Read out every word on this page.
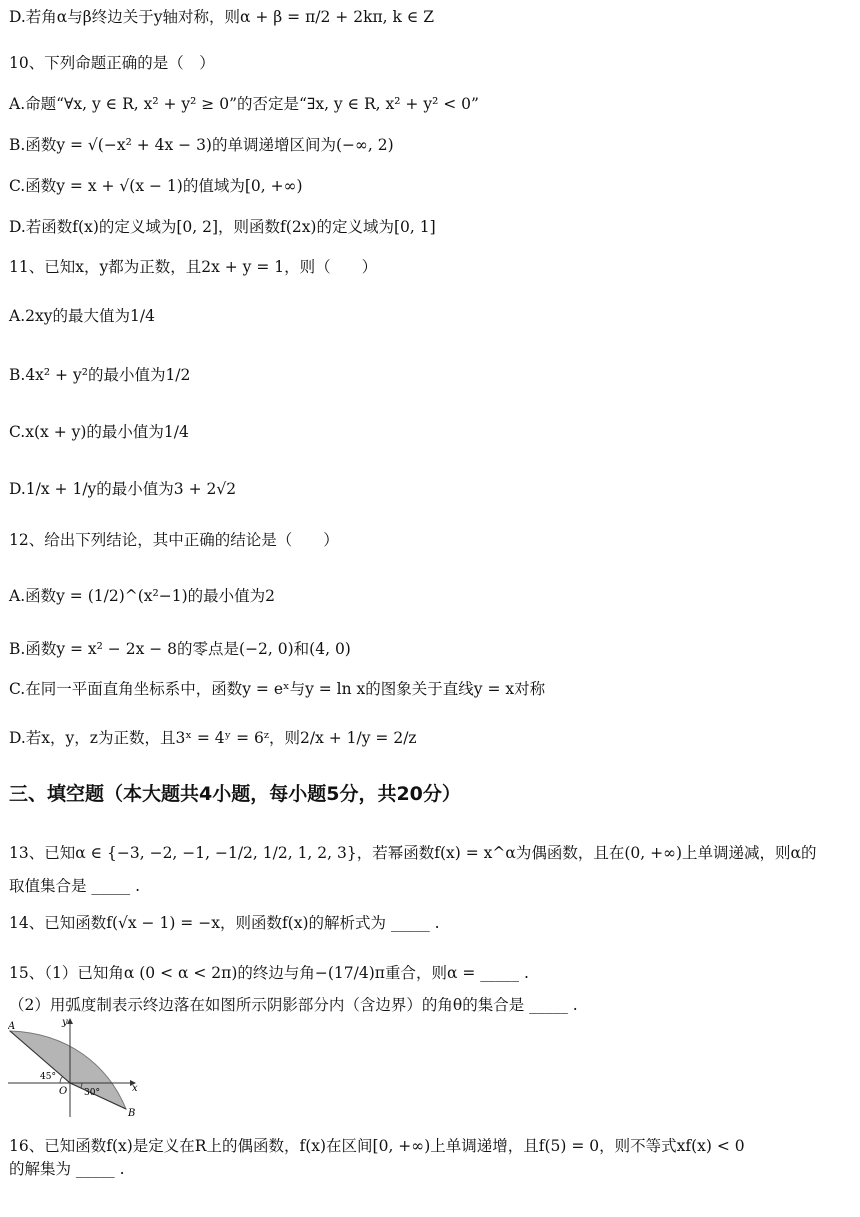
D.若角α与β终边关于y轴对称，则α + β = π/2 + 2kπ, k ∈ Z
10、下列命题正确的是（　）
A.命题“∀x, y ∈ R, x² + y² ≥ 0”的否定是“∃x, y ∈ R, x² + y² < 0”
B.函数y = √(−x² + 4x − 3)的单调递增区间为(−∞, 2)
C.函数y = x + √(x − 1)的值域为[0, +∞)
D.若函数f(x)的定义域为[0, 2]，则函数f(2x)的定义域为[0, 1]
11、已知x，y都为正数，且2x + y = 1，则（　　）
A.2xy的最大值为1/4
B.4x² + y²的最小值为1/2
C.x(x + y)的最小值为1/4
D.1/x + 1/y的最小值为3 + 2√2
12、给出下列结论，其中正确的结论是（　　）
A.函数y = (1/2)^(x²−1)的最小值为2
B.函数y = x² − 2x − 8的零点是(−2, 0)和(4, 0)
C.在同一平面直角坐标系中，函数y = eˣ与y = ln x的图象关于直线y = x对称
D.若x，y，z为正数，且3ˣ = 4ʸ = 6ᶻ，则2/x + 1/y = 2/z
13、已知α ∈ {−3, −2, −1, −1/2, 1/2, 1, 2, 3}，若幂函数f(x) = x^α为偶函数，且在(0, +∞)上单调递减，则α的
取值集合是 _____ .
14、已知函数f(√x − 1) = −x，则函数f(x)的解析式为 _____ .
15、（1）已知角α (0 < α < 2π)的终边与角−(17/4)π重合，则α = _____ .
（2）用弧度制表示终边落在如图所示阴影部分内（含边界）的角θ的集合是 _____ .
16、已知函数f(x)是定义在R上的偶函数，f(x)在区间[0, +∞)上单调递增，且f(5) = 0，则不等式xf(x) < 0
的解集为 _____ .
三、填空题（本大题共4小题，每小题5分，共20分）
A
B
y
x
O
45°
30°
